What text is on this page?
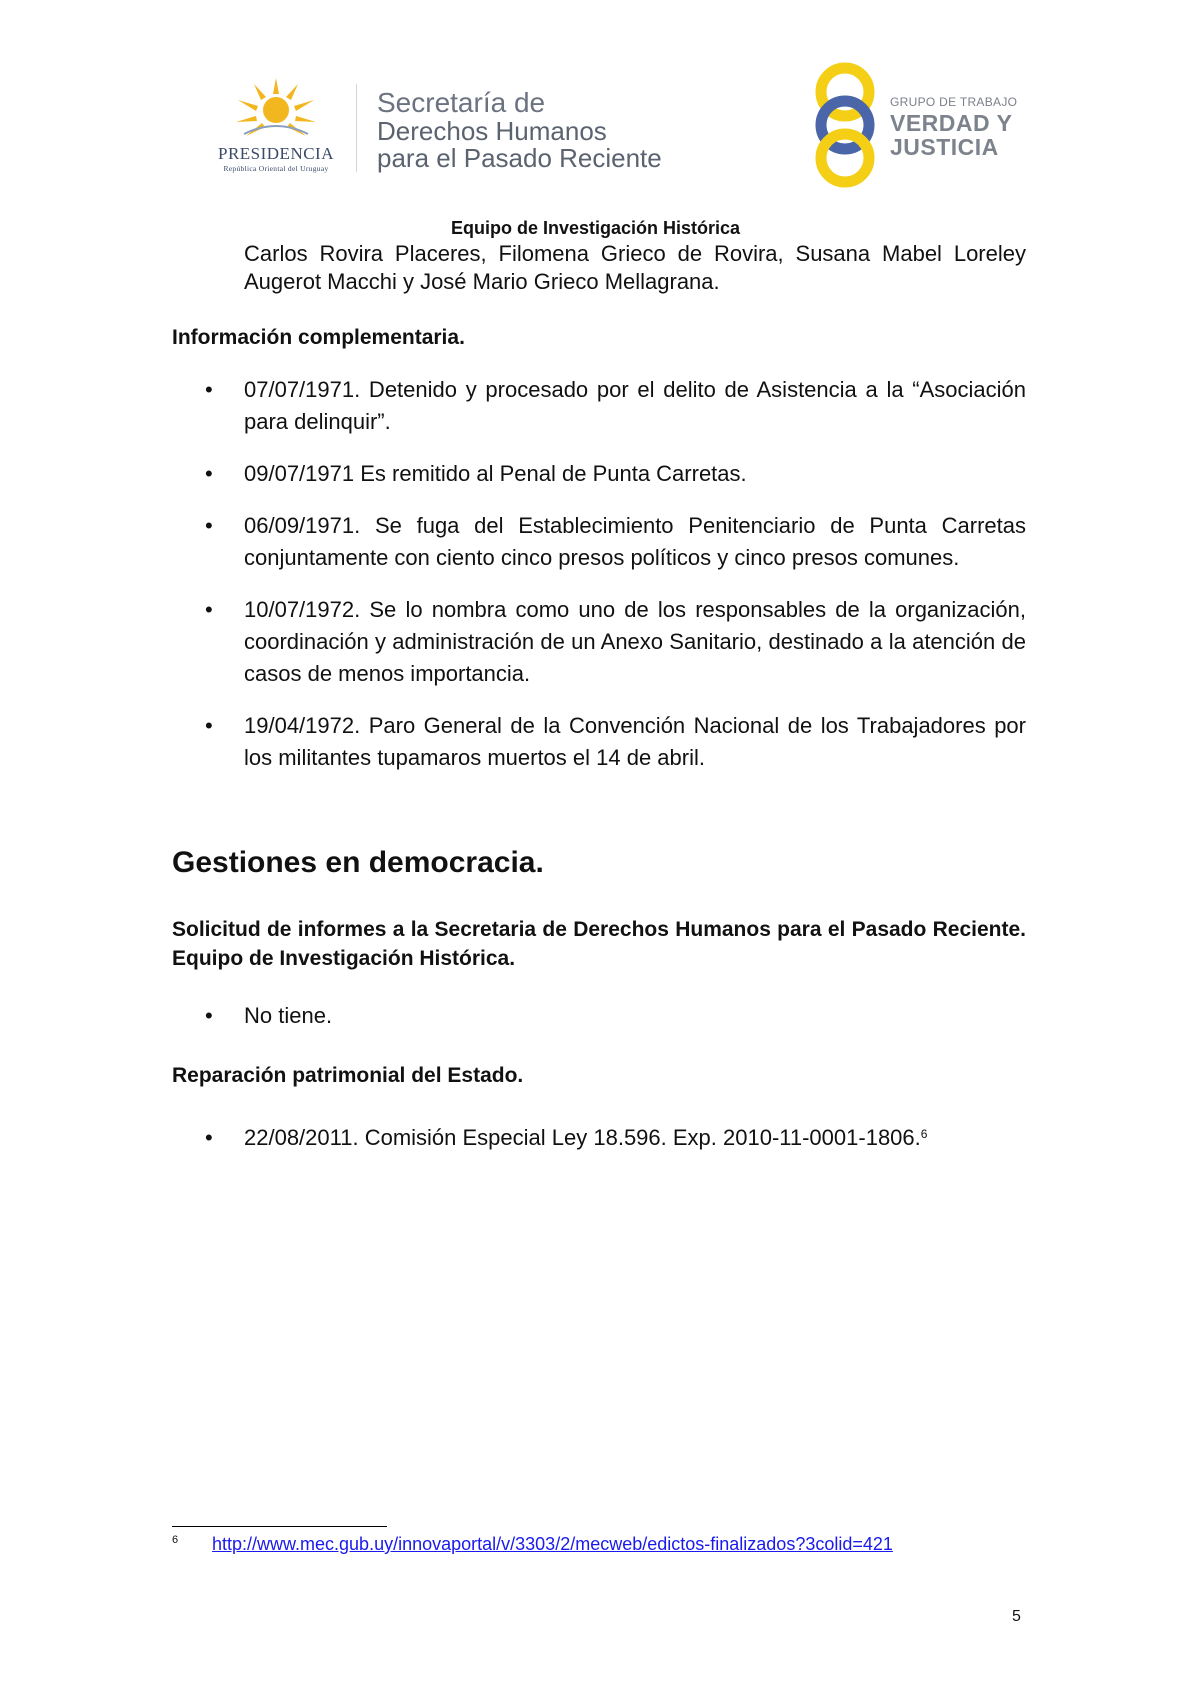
PRESIDENCIA
República Oriental del Uruguay
Secretaría de
Derechos Humanos
para el Pasado Reciente
GRUPO DE TRABAJO
VERDAD Y
JUSTICIA
Equipo de Investigación Histórica
Carlos Rovira Placeres, Filomena Grieco de Rovira, Susana Mabel Loreley Augerot Macchi y José Mario Grieco Mellagrana.
Información complementaria.
• 07/07/1971. Detenido y procesado por el delito de Asistencia a la “Asociación para delinquir”.
• 09/07/1971 Es remitido al Penal de Punta Carretas.
• 06/09/1971. Se fuga del Establecimiento Penitenciario de Punta Carretas conjuntamente con ciento cinco presos políticos y cinco presos comunes.
• 10/07/1972. Se lo nombra como uno de los responsables de la organización, coordinación y administración de un Anexo Sanitario, destinado a la atención de casos de menos importancia.
• 19/04/1972. Paro General de la Convención Nacional de los Trabajadores por los militantes tupamaros muertos el 14 de abril.
Gestiones en democracia.
Solicitud de informes a la Secretaria de Derechos Humanos para el Pasado Reciente. Equipo de Investigación Histórica.
• No tiene.
Reparación patrimonial del Estado.
• 22/08/2011. Comisión Especial Ley 18.596. Exp. 2010-11-0001-1806.$^6$
6 http://www.mec.gub.uy/innovaportal/v/3303/2/mecweb/edictos-finalizados?3colid=421
5
